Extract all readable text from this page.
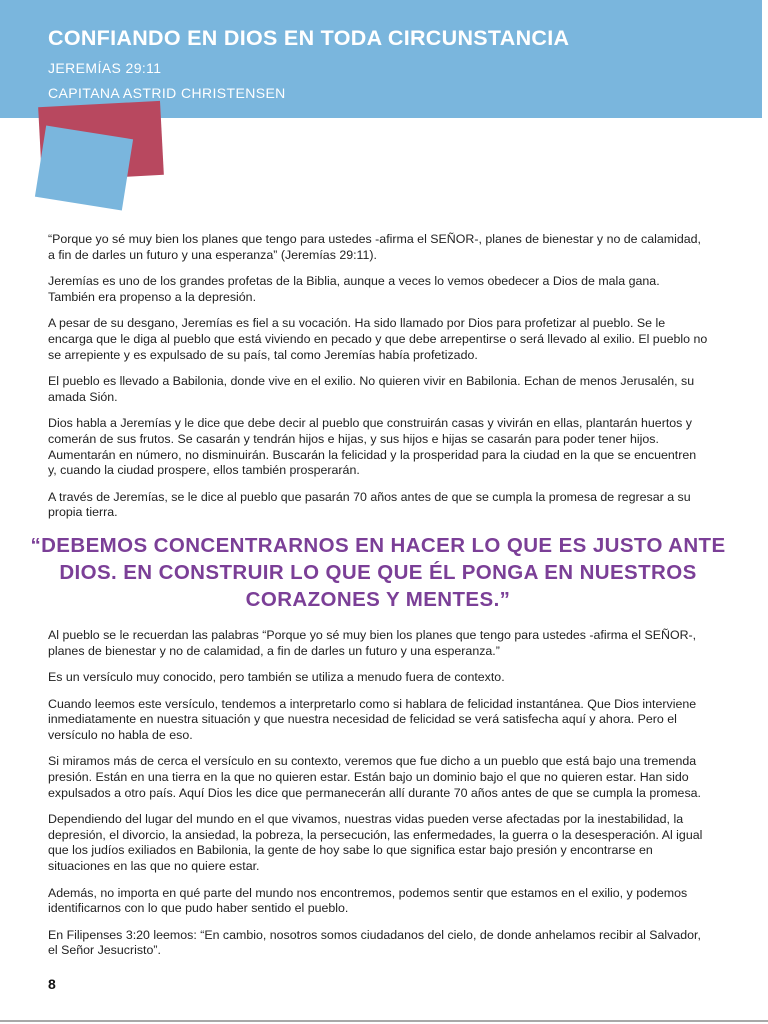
CONFIANDO EN DIOS EN TODA CIRCUNSTANCIA
JEREMÍAS 29:11
CAPITANA ASTRID CHRISTENSEN

“Porque yo sé muy bien los planes que tengo para ustedes -afirma el SEÑOR-, planes de bienestar y no de calamidad, a fin de darles un futuro y una esperanza” (Jeremías 29:11).

Jeremías es uno de los grandes profetas de la Biblia, aunque a veces lo vemos obedecer a Dios de mala gana. También era propenso a la depresión.

A pesar de su desgano, Jeremías es fiel a su vocación. Ha sido llamado por Dios para profetizar al pueblo. Se le encarga que le diga al pueblo que está viviendo en pecado y que debe arrepentirse o será llevado al exilio. El pueblo no se arrepiente y es expulsado de su país, tal como Jeremías había profetizado.

El pueblo es llevado a Babilonia, donde vive en el exilio. No quieren vivir en Babilonia. Echan de menos Jerusalén, su amada Sión.

Dios habla a Jeremías y le dice que debe decir al pueblo que construirán casas y vivirán en ellas, plantarán huertos y comerán de sus frutos. Se casarán y tendrán hijos e hijas, y sus hijos e hijas se casarán para poder tener hijos. Aumentarán en número, no disminuirán. Buscarán la felicidad y la prosperidad para la ciudad en la que se encuentren y, cuando la ciudad prospere, ellos también prosperarán.

A través de Jeremías, se le dice al pueblo que pasarán 70 años antes de que se cumpla la promesa de regresar a su propia tierra.

“DEBEMOS CONCENTRARNOS EN HACER LO QUE ES JUSTO ANTE DIOS. EN CONSTRUIR LO QUE QUE ÉL PONGA EN NUESTROS CORAZONES Y MENTES.”

Al pueblo se le recuerdan las palabras “Porque yo sé muy bien los planes que tengo para ustedes -afirma el SEÑOR-, planes de bienestar y no de calamidad, a fin de darles un futuro y una esperanza.”

Es un versículo muy conocido, pero también se utiliza a menudo fuera de contexto.

Cuando leemos este versículo, tendemos a interpretarlo como si hablara de felicidad instantánea. Que Dios interviene inmediatamente en nuestra situación y que nuestra necesidad de felicidad se verá satisfecha aquí y ahora. Pero el versículo no habla de eso.

Si miramos más de cerca el versículo en su contexto, veremos que fue dicho a un pueblo que está bajo una tremenda presión. Están en una tierra en la que no quieren estar. Están bajo un dominio bajo el que no quieren estar. Han sido expulsados a otro país. Aquí Dios les dice que permanecerán allí durante 70 años antes de que se cumpla la promesa.

Dependiendo del lugar del mundo en el que vivamos, nuestras vidas pueden verse afectadas por la inestabilidad, la depresión, el divorcio, la ansiedad, la pobreza, la persecución, las enfermedades, la guerra o la desesperación. Al igual que los judíos exiliados en Babilonia, la gente de hoy sabe lo que significa estar bajo presión y encontrarse en situaciones en las que no quiere estar.

Además, no importa en qué parte del mundo nos encontremos, podemos sentir que estamos en el exilio, y podemos identificarnos con lo que pudo haber sentido el pueblo.

En Filipenses 3:20 leemos: “En cambio, nosotros somos ciudadanos del cielo, de donde anhelamos recibir al Salvador, el Señor Jesucristo”.

8
